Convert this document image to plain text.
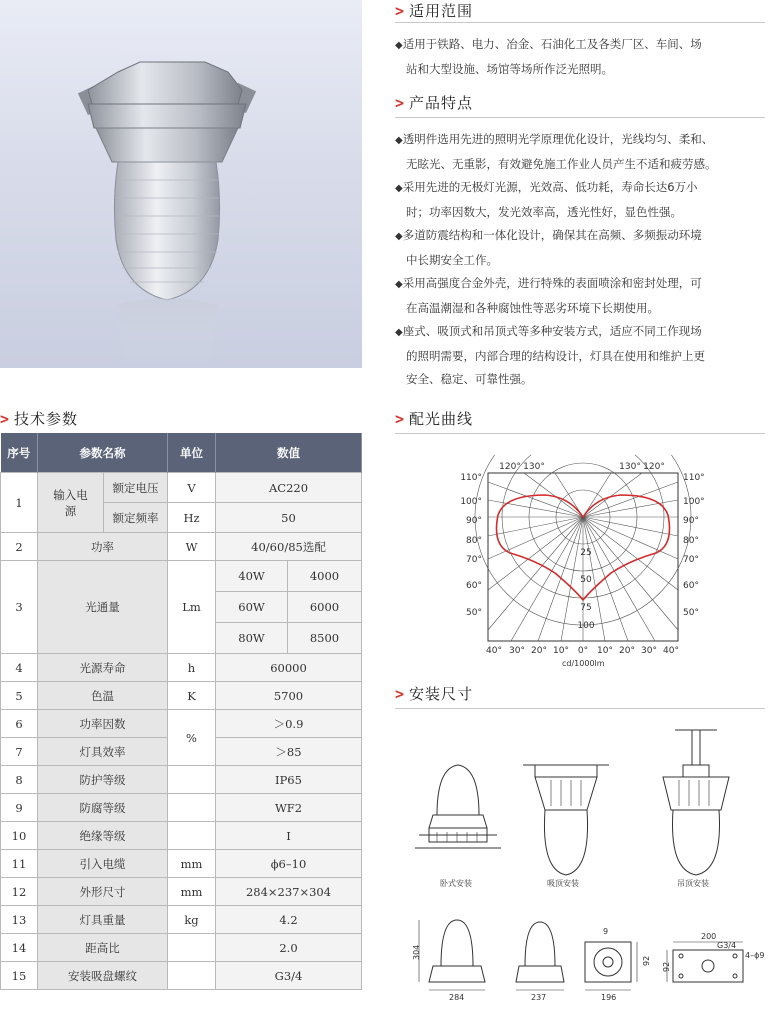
> 适用范围
◆适用于铁路、电力、冶金、石油化工及各类厂区、车间、场
站和大型设施、场馆等场所作泛光照明。
> 产品特点
◆透明件选用先进的照明光学原理优化设计，光线均匀、柔和、
无眩光、无重影，有效避免施工作业人员产生不适和疲劳感。
◆采用先进的无极灯光源，光效高、低功耗，寿命长达6万小
时；功率因数大，发光效率高，透光性好，显色性强。
◆多道防震结构和一体化设计，确保其在高频、多频振动环境
中长期安全工作。
◆采用高强度合金外壳，进行特殊的表面喷涂和密封处理，可
在高温潮湿和各种腐蚀性等恶劣环境下长期使用。
◆座式、吸顶式和吊顶式等多种安装方式，适应不同工作现场
的照明需要，内部合理的结构设计，灯具在使用和维护上更
安全、稳定、可靠性强。
> 技术参数
序号	参数名称		单位	数值	
1	输入电源	额定电压	V	AC220	
		额定频率	Hz	50	
2	功率		W	40/60/85选配	
3	光通量		Lm	40W	4000
				60W	6000
				80W	8500
4	光源寿命		h	60000	
5	色温		K	5700	
6	功率因数		%	＞0.9	
7	灯具效率			＞85	
8	防护等级			IP65	
9	防腐等级			WF2	
10	绝缘等级			Ⅰ	
11	引入电缆		mm	ϕ6–10	
12	外形尺寸		mm	284×237×304	
13	灯具重量		kg	4.2	
14	距高比			2.0	
15	安装吸盘螺纹			G3/4	
> 配光曲线
120° 130°	130° 120°
110°
100°
90°
80°
70°
60°
50°
110°
100°
90°
80°
70°
60°
50°
40° 30° 20° 10° 0° 10° 20° 30° 40°
25
50
75
100
cd/1000lm
> 安装尺寸
卧式安装	吸顶安装	吊顶安装
304
284	237	196
9
92
200
G3/4
92
4–ϕ9
